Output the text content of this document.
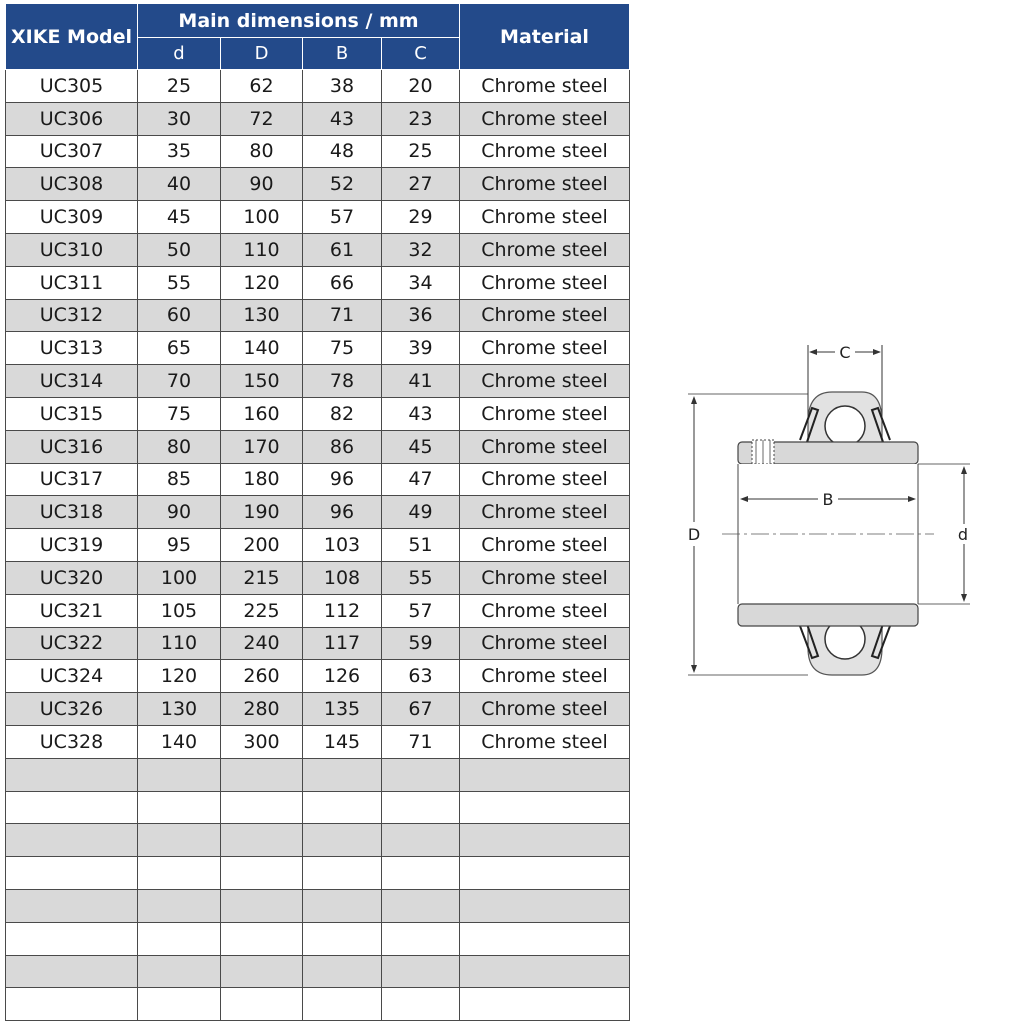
XIKE Model	Main dimensions / mm				Material
	d	D	B	C	
UC305	25	62	38	20	Chrome steel
UC306	30	72	43	23	Chrome steel
UC307	35	80	48	25	Chrome steel
UC308	40	90	52	27	Chrome steel
UC309	45	100	57	29	Chrome steel
UC310	50	110	61	32	Chrome steel
UC311	55	120	66	34	Chrome steel
UC312	60	130	71	36	Chrome steel
UC313	65	140	75	39	Chrome steel
UC314	70	150	78	41	Chrome steel
UC315	75	160	82	43	Chrome steel
UC316	80	170	86	45	Chrome steel
UC317	85	180	96	47	Chrome steel
UC318	90	190	96	49	Chrome steel
UC319	95	200	103	51	Chrome steel
UC320	100	215	108	55	Chrome steel
UC321	105	225	112	57	Chrome steel
UC322	110	240	117	59	Chrome steel
UC324	120	260	126	63	Chrome steel
UC326	130	280	135	67	Chrome steel
UC328	140	300	145	71	Chrome steel

C
B
D	d
